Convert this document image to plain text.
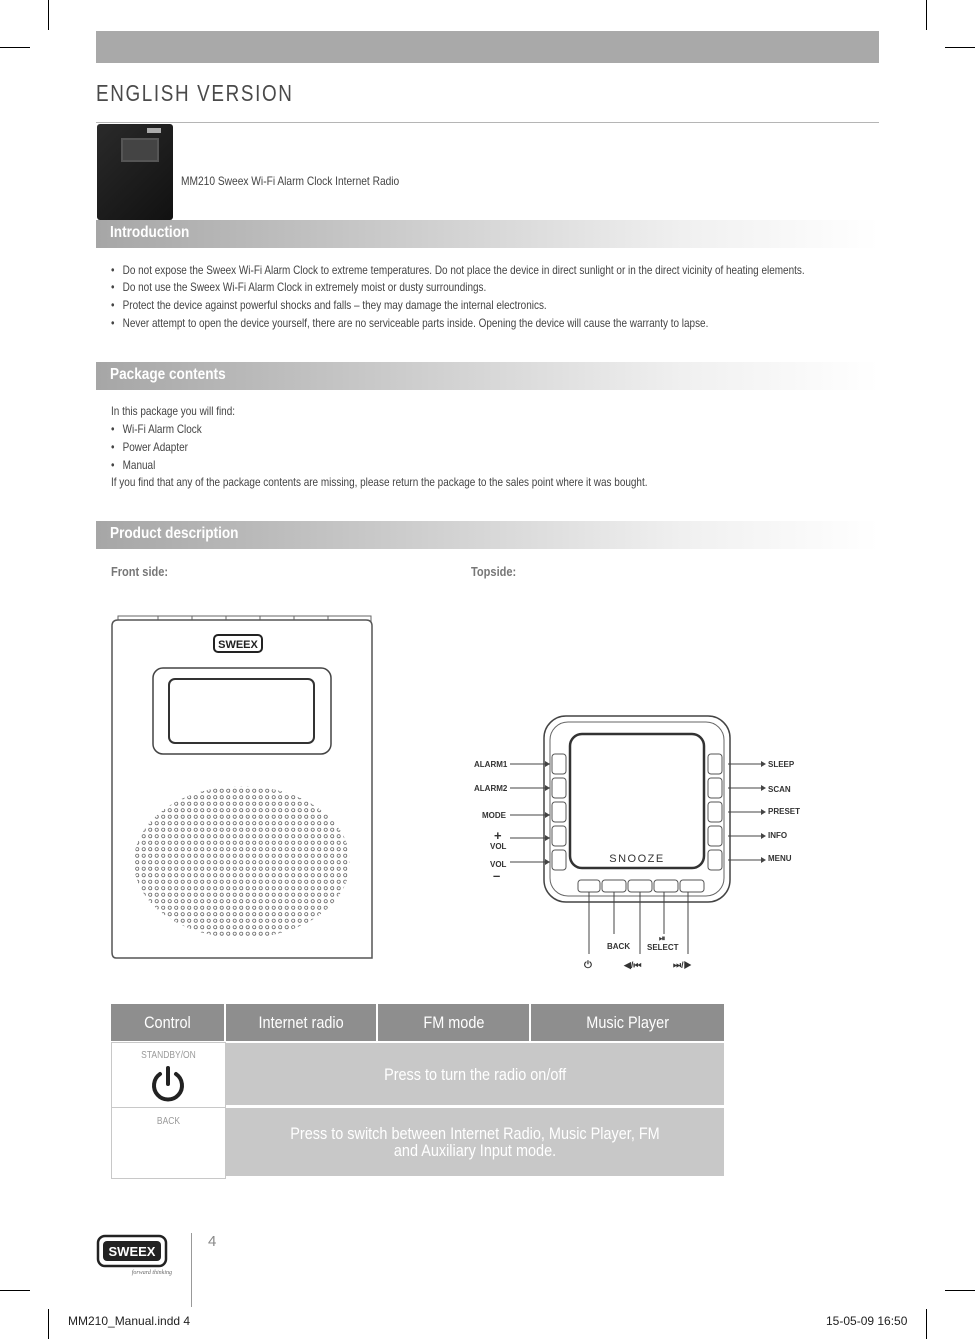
ENGLISH VERSION
MM210 Sweex Wi-Fi Alarm Clock Internet Radio
Introduction
• Do not expose the Sweex Wi-Fi Alarm Clock to extreme temperatures. Do not place the device in direct sunlight or in the direct vicinity of heating elements.
• Do not use the Sweex Wi-Fi Alarm Clock in extremely moist or dusty surroundings.
• Protect the device against powerful shocks and falls – they may damage the internal electronics.
• Never attempt to open the device yourself, there are no serviceable parts inside. Opening the device will cause the warranty to lapse.
Package contents
In this package you will find:
• Wi-Fi Alarm Clock
• Power Adapter
• Manual
If you find that any of the package contents are missing, please return the package to the sales point where it was bought.
Product description
Front side:	Topside:
SWEEX
SNOOZE
ALARM1
ALARM2
MODE
+
VOL
VOL
–
SLEEP
SCAN
PRESET
INFO
MENU
BACK SELECT
⏻	◀/⏮	⏭/▶
⏯
Control	Internet radio	FM mode	Music Player
STANDBY/ON
Press to turn the radio on/off
BACK
Press to switch between Internet Radio, Music Player, FM and Auxiliary Input mode.
SWEEX
forward thinking
4
MM210_Manual.indd 4	15-05-09 16:50
